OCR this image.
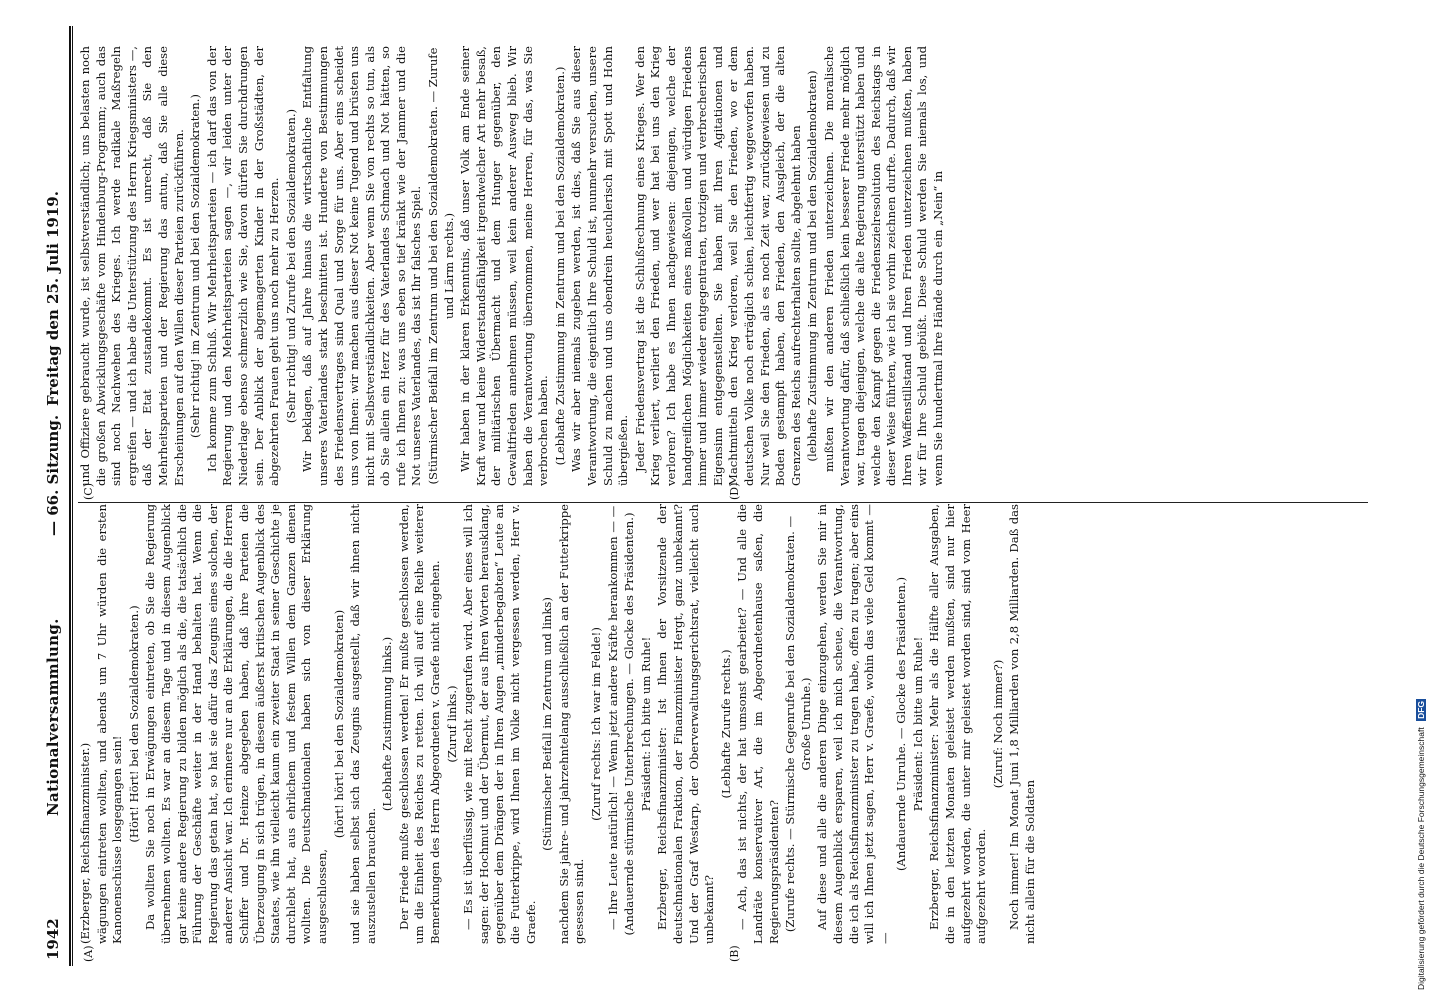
1942
Nationalversammlung.
— 66. Sitzung.
Freitag den 25. Juli 1919.
(A)	(B)
(C)	(D)

(Erzberger, Reichsfinanzminister.) wägungen eintreten wollten, und abends um 7 Uhr würden die ersten Kanonenschüsse losgegangen sein! (Hört! Hört! bei den Sozialdemokraten.) Da wollten Sie noch in Erwägungen eintreten, ob Sie die Regierung übernehmen wollten. Es war an diesem Tage und in diesem Augenblick gar keine andere Regierung zu bilden möglich als die, die tatsächlich die Führung der Geschäfte weiter in der Hand behalten hat. Wenn die Regierung das getan hat, so hat sie dafür das Zeugnis eines solchen, der anderer Ansicht war. Ich erinnere nur an die Erklärungen, die die Herren Schiffer und Dr. Heinze abgegeben haben, daß ihre Parteien die Überzeugung in sich trügen, in diesem äußerst kritischen Augenblick des Staates, wie ihn vielleicht kaum ein zweiter Staat in seiner Geschichte je durchlebt hat, aus ehrlichem und festem Willen dem Ganzen dienen wollten. Die Deutschnationalen haben sich von dieser Erklärung ausgeschlossen,

(hört! hört! bei den Sozialdemokraten) und sie haben selbst sich das Zeugnis ausgestellt, daß wir ihnen nicht auszustellen brauchen.

(Lebhafte Zustimmung links.) Der Friede mußte geschlossen werden! Er mußte geschlossen werden, um die Einheit des Reiches zu retten. Ich will auf eine Reihe weiterer Bemerkungen des Herrn Abgeordneten v. Graefe nicht eingehen. (Zuruf links.) — Es ist überflüssig, wie mit Recht zugerufen wird. Aber eines will ich sagen: der Hochmut und der Übermut, der aus Ihren Worten herausklang, gegenüber dem Drängen der in Ihren Augen „minderbegabten“ Leute an die Futterkrippe, wird Ihnen im Volke nicht vergessen werden, Herr v. Graefe.

(Stürmischer Beifall im Zentrum und links) nachdem Sie jahre- und jahrzehntelang ausschließlich an der Futterkrippe gesessen sind.

(Zuruf rechts: Ich war im Felde!) — Ihre Leute natürlich! — Wenn jetzt andere Kräfte herankommen — — (Andauernde stürmische Unterbrechungen. — Glocke des Präsidenten.) Präsident: Ich bitte um Ruhe! Erzberger, Reichsfinanzminister: Ist Ihnen der Vorsitzende der deutschnationalen Fraktion, der Finanzminister Hergt, ganz unbekannt? Und der Graf Westarp, der Oberverwaltungsgerichtsrat, vielleicht auch unbekannt?

(Lebhafte Zurufe rechts.) — Ach, das ist nichts, der hat umsonst gearbeitet? — Und alle die Landräte konservativer Art, die im Abgeordnetenhause saßen, die Regierungspräsidenten? (Zurufe rechts. — Stürmische Gegenrufe bei den Sozialdemokraten. — Große Unruhe.) Auf diese und alle die anderen Dinge einzugehen, werden Sie mir in diesem Augenblick ersparen, weil ich mich scheue, die Verantwortung, die ich als Reichsfinanzminister zu tragen habe, offen zu tragen; aber eins will ich Ihnen jetzt sagen, Herr v. Graefe, wohin das viele Geld kommt — —

(Andauernde Unruhe. — Glocke des Präsidenten.) Präsident: Ich bitte um Ruhe! Erzberger, Reichsfinanzminister: Mehr als die Hälfte aller Ausgaben, die in den letzten Monaten geleistet werden mußten, sind nur hier aufgezehrt worden, die unter mir geleistet worden sind, sind vom Heer aufgezehrt worden.

(Zuruf: Noch immer?) Noch immer! Im Monat Juni 1,8 Milliarden von 2,8 Milliarden. Daß das nicht allein für die Soldaten

und Offiziere gebraucht wurde, ist selbstverständlich; uns belasten noch die großen Abwicklungsgeschäfte vom Hindenburg-Programm; auch das sind noch Nachwehen des Krieges. Ich werde radikale Maßregeln ergreifen — und ich habe die Unterstützung des Herrn Kriegsministers —, daß der Etat zustandekommt. Es ist unrecht, daß Sie den Mehrheitsparteien und der Regierung das antun, daß Sie alle diese Erscheinungen auf den Willen dieser Parteien zurückführen. (Sehr richtig! im Zentrum und bei den Sozialdemokraten.) Ich komme zum Schluß. Wir Mehrheitsparteien — ich darf das von der Regierung und den Mehrheitsparteien sagen —, wir leiden unter der Niederlage ebenso schmerzlich wie Sie, davon dürfen Sie durchdrungen sein. Der Anblick der abgemagerten Kinder in der Großstädten, der abgezehrten Frauen geht uns noch mehr zu Herzen. (Sehr richtig! und Zurufe bei den Sozialdemokraten.) Wir beklagen, daß auf Jahre hinaus die wirtschaftliche Entfaltung unseres Vaterlandes stark beschnitten ist. Hunderte von Bestimmungen des Friedensvertrages sind Qual und Sorge für uns. Aber eins scheidet uns von Ihnen: wir machen aus dieser Not keine Tugend und brüsten uns nicht mit Selbstverständlichkeiten. Aber wenn Sie von rechts so tun, als ob Sie allein ein Herz für des Vaterlandes Schmach und Not hätten, so rufe ich Ihnen zu: was uns eben so tief kränkt wie der Jammer und die Not unseres Vaterlandes, das ist Ihr falsches Spiel. (Stürmischer Beifall im Zentrum und bei den Sozialdemokraten. — Zurufe und Lärm rechts.) Wir haben in der klaren Erkenntnis, daß unser Volk am Ende seiner Kraft war und keine Widerstandsfähigkeit irgendwelcher Art mehr besaß, der militärischen Übermacht und dem Hunger gegenüber, den Gewaltfrieden annehmen müssen, weil kein anderer Ausweg blieb. Wir haben die Verantwortung übernommen, meine Herren, für das, was Sie verbrochen haben. (Lebhafte Zustimmung im Zentrum und bei den Sozialdemokraten.) Was wir aber niemals zugeben werden, ist dies, daß Sie aus dieser Verantwortung, die eigentlich Ihre Schuld ist, nunmehr versuchen, unsere Schuld zu machen und uns obendrein heuchlerisch mit Spott und Hohn übergießen. Jeder Friedensvertrag ist die Schlußrechnung eines Krieges. Wer den Krieg verliert, verliert den Frieden, und wer hat bei uns den Krieg verloren? Ich habe es Ihnen nachgewiesen: diejenigen, welche der handgreiflichen Möglichkeiten eines maßvollen und würdigen Friedens immer und immer wieder entgegentraten, trotzigen und verbrecherischen Eigensinn entgegenstellten. Sie haben mit Ihren Agitationen und Machtmitteln den Krieg verloren, weil Sie den Frieden, wo er dem deutschen Volke noch erträglich schien, leichtfertig weggeworfen haben. Nur weil Sie den Frieden, als es noch Zeit war, zurückgewiesen und zu Boden gestampft haben, den Frieden, den Ausgleich, der die alten Grenzen des Reichs aufrechterhalten sollte, abgelehnt haben (lebhafte Zustimmung im Zentrum und bei den Sozialdemokraten) mußten wir den anderen Frieden unterzeichnen. Die moralische Verantwortung dafür, daß schließlich kein besserer Friede mehr möglich war, tragen diejenigen, welche die alte Regierung unterstützt haben und welche den Kampf gegen die Friedenszielresolution des Reichstags in dieser Weise führten, wie ich sie vorhin zeichnen durfte. Dadurch, daß wir Ihren Waffenstillstand und Ihren Frieden unterzeichnen mußten, haben wir für Ihre Schuld gebüßt. Diese Schuld werden Sie niemals los, und wenn Sie hundertmal Ihre Hände durch ein „Nein“ in

Digitalisierung gefördert durch die Deutsche Forschungsgemeinschaft DFG
